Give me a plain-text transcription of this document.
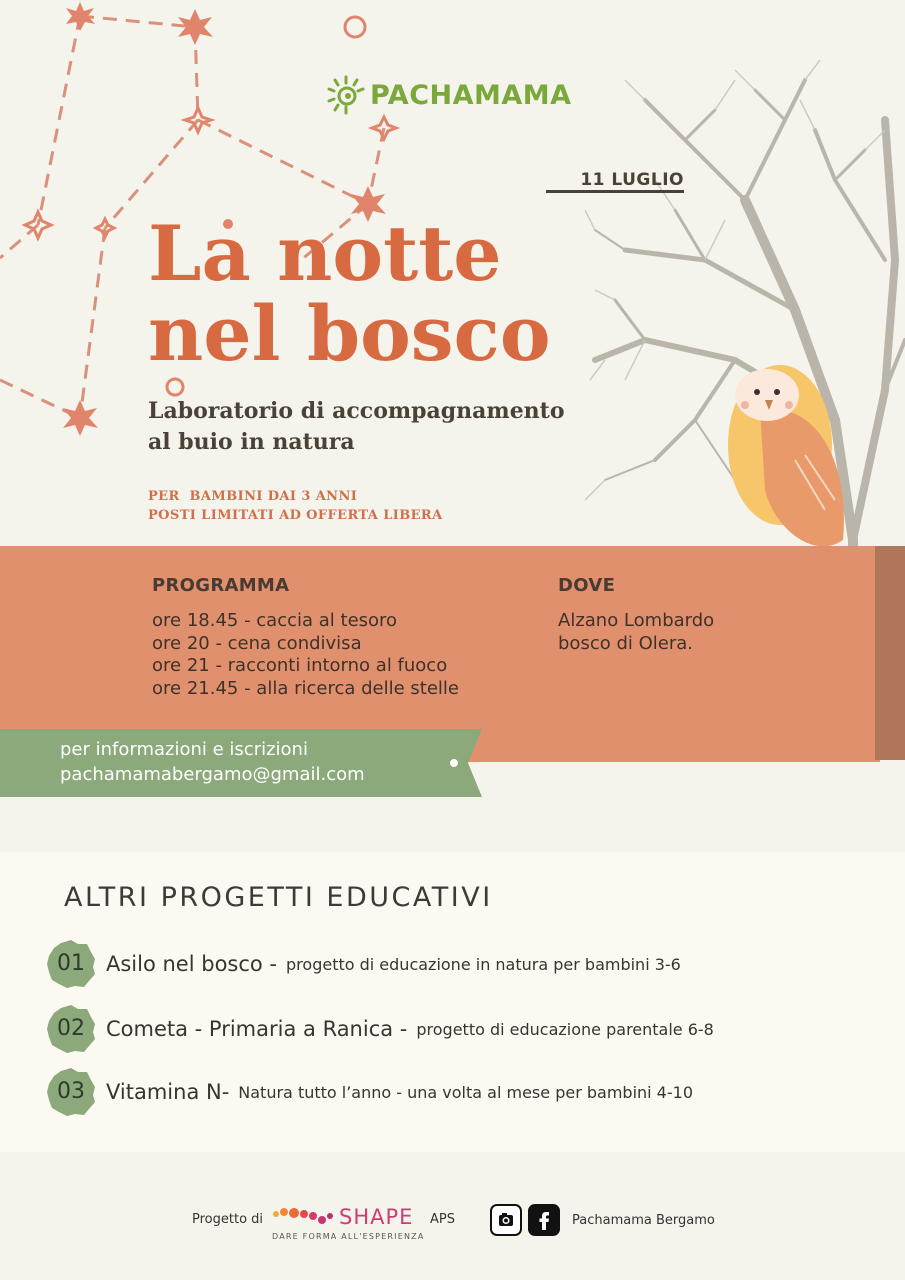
PACHAMAMA
11 LUGLIO
La notte
nel bosco
Laboratorio di accompagnamento
al buio in natura
PER  BAMBINI DAI 3 ANNI
POSTI LIMITATI AD OFFERTA LIBERA
PROGRAMMA
ore 18.45 - caccia al tesoro
ore 20 - cena condivisa
ore 21 - racconti intorno al fuoco
ore 21.45 - alla ricerca delle stelle
DOVE
Alzano Lombardo
bosco di Olera.
per informazioni e iscrizioni
pachamamabergamo@gmail.com
ALTRI PROGETTI EDUCATIVI
01	Asilo nel bosco - progetto di educazione in natura per bambini 3-6
02	Cometa - Primaria a Ranica - progetto di educazione parentale 6-8
03	Vitamina N- Natura tutto l’anno - una volta al mese per bambini 4-10
Progetto di	SHAPE APS
DARE FORMA ALL'ESPERIENZA
Pachamama Bergamo
